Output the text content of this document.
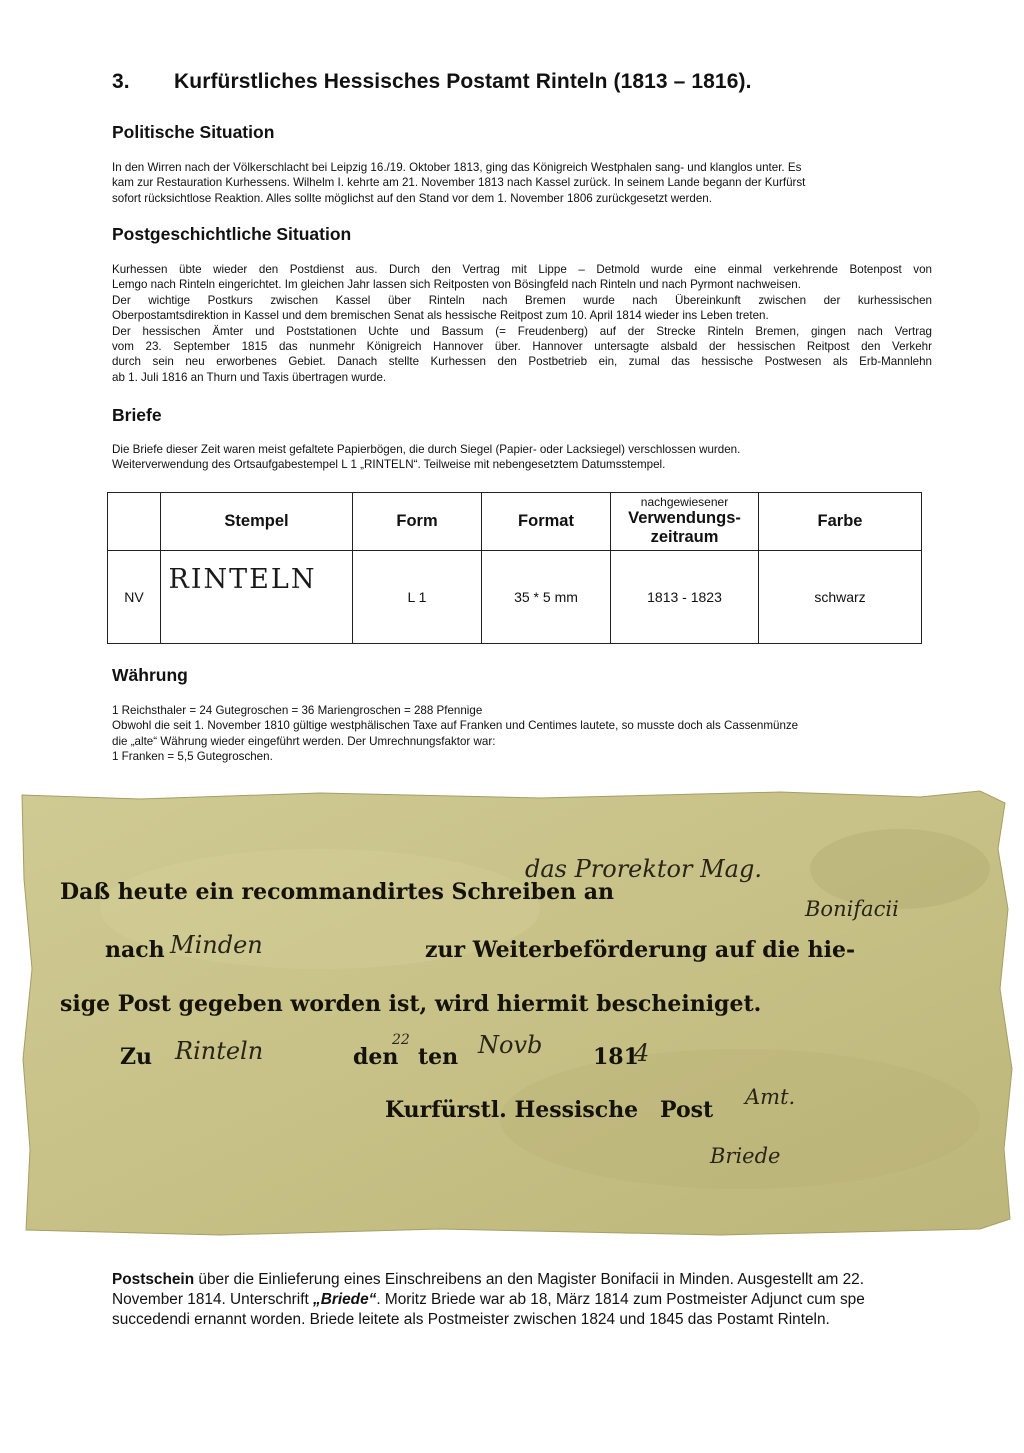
3. Kurfürstliches Hessisches Postamt Rinteln (1813 – 1816).
Politische Situation

In den Wirren nach der Völkerschlacht bei Leipzig 16./19. Oktober 1813, ging das Königreich Westphalen sang- und klanglos unter. Es

kam zur Restauration Kurhessens. Wilhelm I. kehrte am 21. November 1813 nach Kassel zurück. In seinem Lande begann der Kurfürst

sofort rücksichtlose Reaktion. Alles sollte möglichst auf den Stand vor dem 1. November 1806 zurückgesetzt werden.

Postgeschichtliche Situation

Kurhessen übte wieder den Postdienst aus. Durch den Vertrag mit Lippe – Detmold wurde eine einmal verkehrende Botenpost von

Lemgo nach Rinteln eingerichtet. Im gleichen Jahr lassen sich Reitposten von Bösingfeld nach Rinteln und nach Pyrmont nachweisen.

Der wichtige Postkurs zwischen Kassel über Rinteln nach Bremen wurde nach Übereinkunft zwischen der kurhessischen

Oberpostamtsdirektion in Kassel und dem bremischen Senat als hessische Reitpost zum 10. April 1814 wieder ins Leben treten.

Der hessischen Ämter und Poststationen Uchte und Bassum (= Freudenberg) auf der Strecke Rinteln Bremen, gingen nach Vertrag

vom 23. September 1815 das nunmehr Königreich Hannover über. Hannover untersagte alsbald der hessischen Reitpost den Verkehr

durch sein neu erworbenes Gebiet. Danach stellte Kurhessen den Postbetrieb ein, zumal das hessische Postwesen als Erb-Mannlehn

ab 1. Juli 1816 an Thurn und Taxis übertragen wurde.

Briefe

Die Briefe dieser Zeit waren meist gefaltete Papierbögen, die durch Siegel (Papier- oder Lacksiegel) verschlossen wurden.

Weiterverwendung des Ortsaufgabestempel L 1 „RINTELN“. Teilweise mit nebengesetztem Datumsstempel.

	Stempel	Form	Format	nachgewiesener
Verwendungs-
zeitraum	Farbe
NV	RINTELN	L 1	35 * 5 mm	1813 - 1823	schwarz
Währung

1 Reichsthaler = 24 Gutegroschen = 36 Mariengroschen = 288 Pfennige

Obwohl die seit 1. November 1810 gültige westphälischen Taxe auf Franken und Centimes lautete, so musste doch als Cassenmünze

die „alte“ Währung wieder eingeführt werden. Der Umrechnungsfaktor war:

1 Franken = 5,5 Gutegroschen.

Daß heute ein recommandirtes Schreiben an
nach	zur Weiterbeförderung auf die hie-
sige Post gegeben worden ist, wird hiermit bescheiniget.
Zu	den ten	181
Kurfürstl. Hessische Post
das Prorektor Mag.
Bonifacii
Minden
Rinteln	22	Novb	4
Amt.
Briede

Postschein über die Einlieferung eines Einschreibens an den Magister Bonifacii in Minden. Ausgestellt am 22. November 1814. Unterschrift „Briede“. Moritz Briede war ab 18, März 1814 zum Postmeister Adjunct cum spe succedendi ernannt worden. Briede leitete als Postmeister zwischen 1824 und 1845 das Postamt Rinteln.
